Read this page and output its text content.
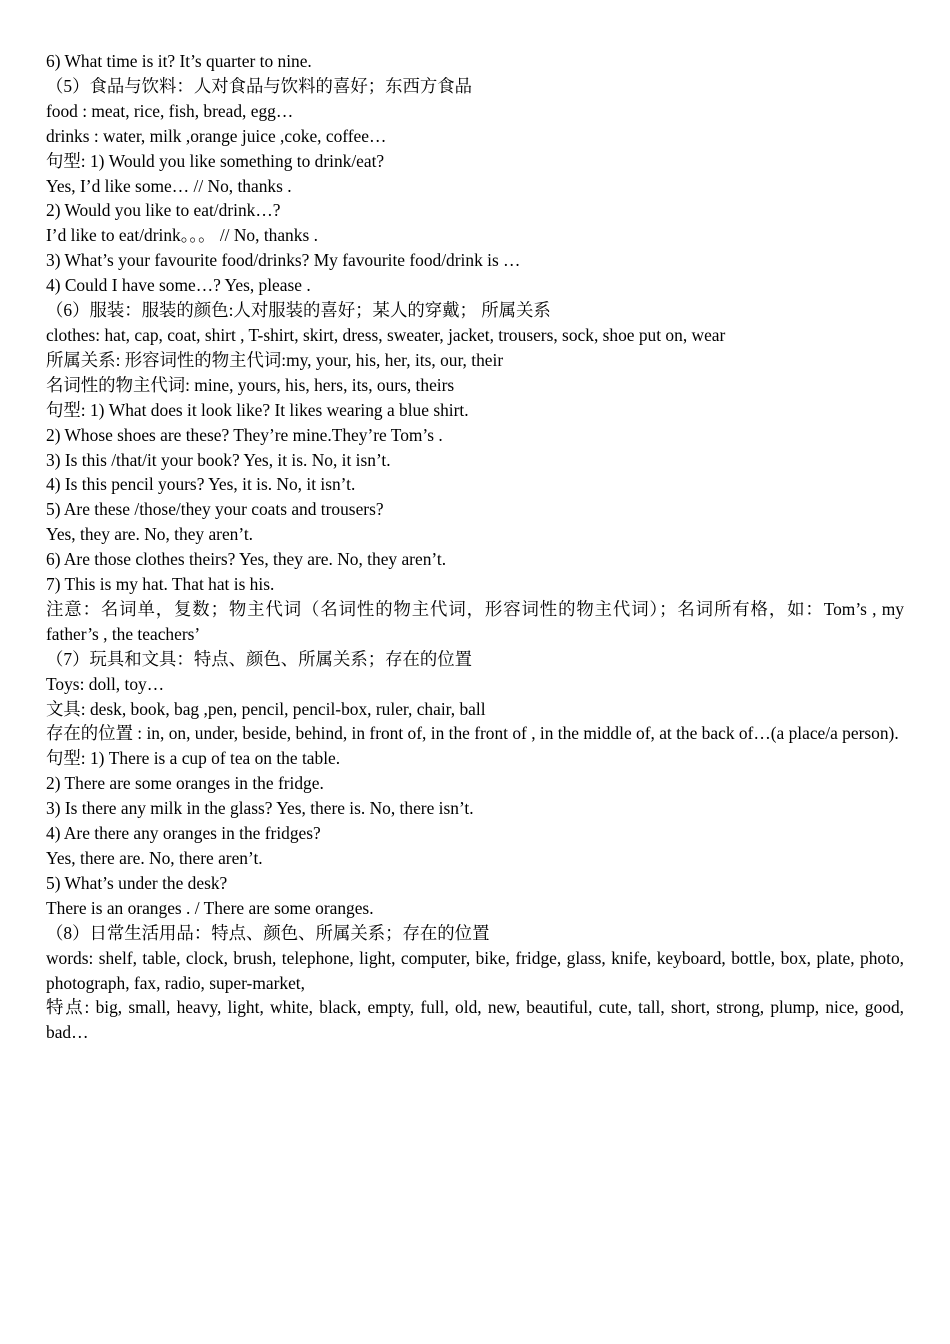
6) What time is it? It’s quarter to nine.
（5）食品与饮料：人对食品与饮料的喜好；东西方食品
food : meat, rice, fish, bread, egg…
drinks : water, milk ,orange juice ,coke, coffee…
句型: 1) Would you like something to drink/eat?
Yes, I’d like some… // No, thanks .
2) Would you like to eat/drink…?
I’d like to eat/drink。。。 // No, thanks .
3) What’s your favourite food/drinks? My favourite food/drink is …
4) Could I have some…? Yes, please .
（6）服装：服装的颜色:人对服装的喜好；某人的穿戴； 所属关系
clothes: hat, cap, coat, shirt , T-shirt, skirt, dress, sweater, jacket, trousers, sock, shoe put on, wear
所属关系: 形容词性的物主代词:my, your, his, her, its, our, their
名词性的物主代词: mine, yours, his, hers, its, ours, theirs
句型: 1) What does it look like? It likes wearing a blue shirt.
2) Whose shoes are these? They’re mine.They’re Tom’s .
3) Is this /that/it your book? Yes, it is. No, it isn’t.
4) Is this pencil yours? Yes, it is. No, it isn’t.
5) Are these /those/they your coats and trousers?
Yes, they are. No, they aren’t.
6) Are those clothes theirs? Yes, they are. No, they aren’t.
7) This is my hat. That hat is his.
注意：名词单，复数；物主代词（名词性的物主代词，形容词性的物主代词）；名词所有格，如：Tom’s , my father’s , the teachers’
（7）玩具和文具：特点、颜色、所属关系；存在的位置
Toys: doll, toy…
文具: desk, book, bag ,pen, pencil, pencil-box, ruler, chair, ball
存在的位置 : in, on, under, beside, behind, in front of, in the front of , in the middle of, at the back of…(a place/a person).
句型: 1) There is a cup of tea on the table.
2) There are some oranges in the fridge.
3) Is there any milk in the glass? Yes, there is. No, there isn’t.
4) Are there any oranges in the fridges?
Yes, there are. No, there aren’t.
5) What’s under the desk?
There is an oranges . / There are some oranges.
（8）日常生活用品：特点、颜色、所属关系；存在的位置
words: shelf, table, clock, brush, telephone, light, computer, bike, fridge, glass, knife, keyboard, bottle, box, plate, photo, photograph, fax, radio, super-market,
特点: big, small, heavy, light, white, black, empty, full, old, new, beautiful, cute, tall, short, strong, plump, nice, good, bad…
